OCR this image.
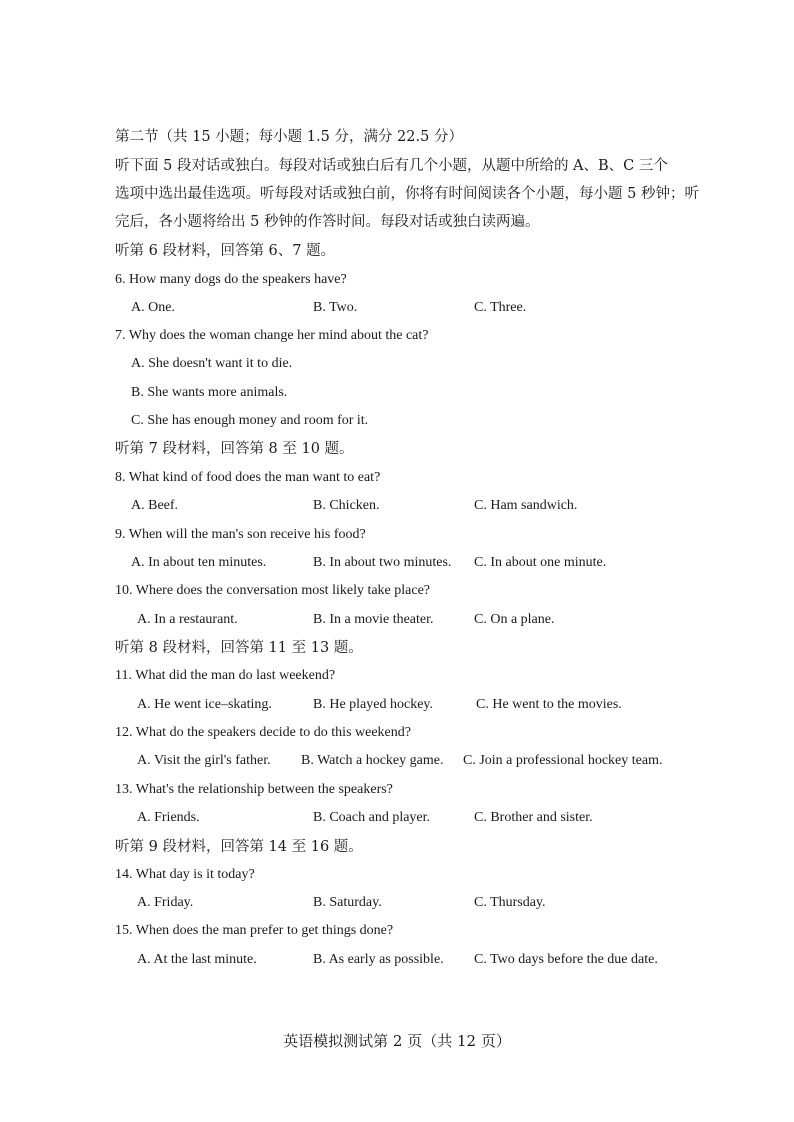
第二节（共 15 小题；每小题 1.5 分，满分 22.5 分）
听下面 5 段对话或独白。每段对话或独白后有几个小题，从题中所给的 A、B、C 三个
选项中选出最佳选项。听每段对话或独白前，你将有时间阅读各个小题，每小题 5 秒钟；听
完后，各小题将给出 5 秒钟的作答时间。每段对话或独白读两遍。
听第 6 段材料，回答第 6、7 题。
6. How many dogs do the speakers have?
A. One.	B. Two.	C. Three.
7. Why does the woman change her mind about the cat?
A. She doesn't want it to die.
B. She wants more animals.
C. She has enough money and room for it.
听第 7 段材料，回答第 8 至 10 题。
8. What kind of food does the man want to eat?
A. Beef.	B. Chicken.	C. Ham sandwich.
9. When will the man's son receive his food?
A. In about ten minutes.	B. In about two minutes. C. In about one minute.
10. Where does the conversation most likely take place?
A. In a restaurant.	B. In a movie theater.	C. On a plane.
听第 8 段材料，回答第 11 至 13 题。
11. What did the man do last weekend?
A. He went ice–skating.	B. He played hockey.	C. He went to the movies.
12. What do the speakers decide to do this weekend?
A. Visit the girl's father. B. Watch a hockey game. C. Join a professional hockey team.
13. What's the relationship between the speakers?
A. Friends.	B. Coach and player.	C. Brother and sister.
听第 9 段材料，回答第 14 至 16 题。
14. What day is it today?
A. Friday.	B. Saturday.	C. Thursday.
15. When does the man prefer to get things done?
A. At the last minute.	B. As early as possible. C. Two days before the due date.
英语模拟测试第 2 页（共 12 页）
